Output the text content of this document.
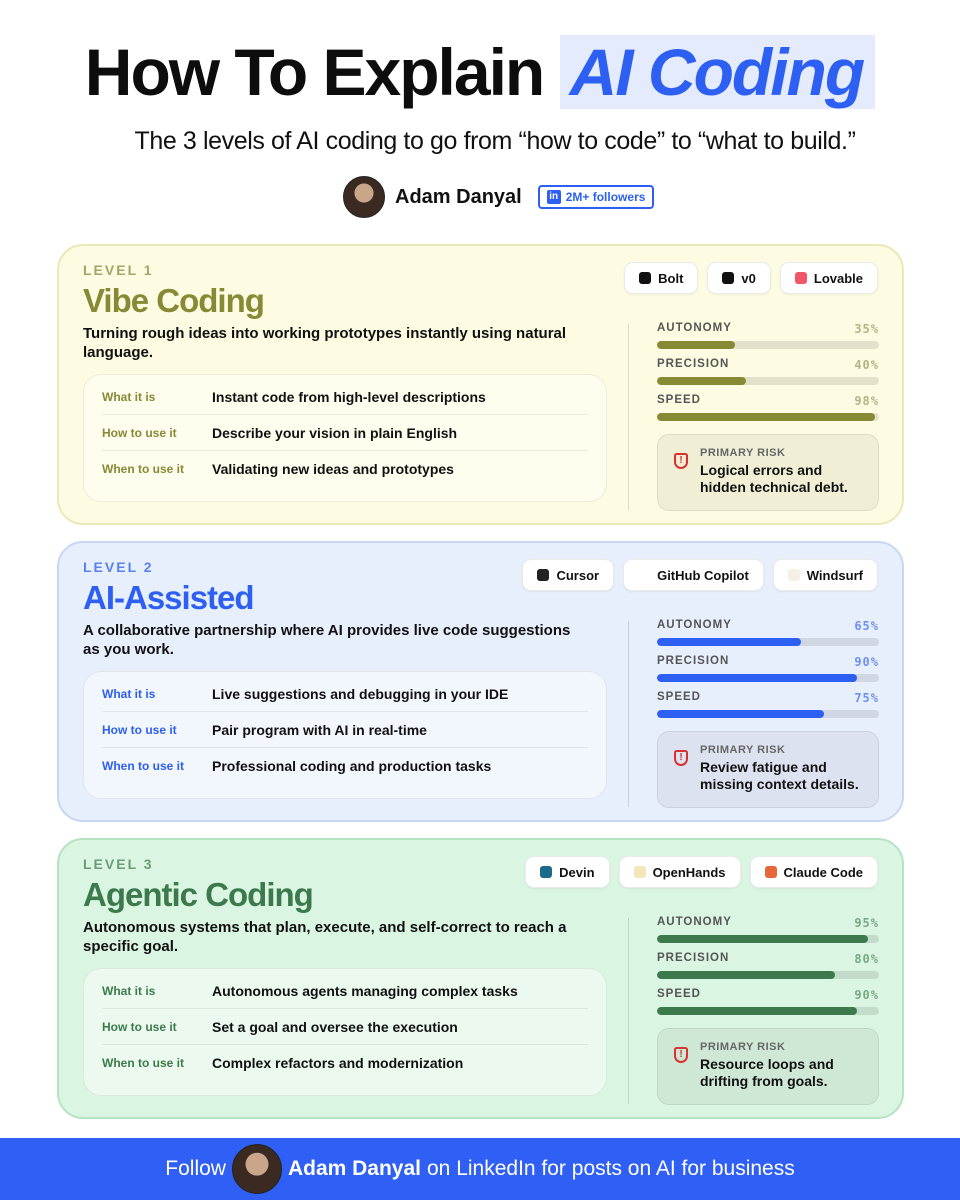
How To Explain AI Coding
The 3 levels of AI coding to go from “how to code” to “what to build.”
Adam Danyal	in 2M+ followers
LEVEL 1
Vibe Coding
Turning rough ideas into working prototypes instantly using natural language.
What it is	Instant code from high-level descriptions
How to use it	Describe your vision in plain English
When to use it	Validating new ideas and prototypes
Bolt	v0	Lovable
AUTONOMY	35%
PRECISION	40%
SPEED	98%
!
PRIMARY RISK
Logical errors and hidden technical debt.
LEVEL 2
AI-Assisted
A collaborative partnership where AI provides live code suggestions as you work.
What it is	Live suggestions and debugging in your IDE
How to use it	Pair program with AI in real-time
When to use it	Professional coding and production tasks
Cursor	GitHub Copilot	Windsurf
AUTONOMY	65%
PRECISION	90%
SPEED	75%
!
PRIMARY RISK
Review fatigue and missing context details.
LEVEL 3
Agentic Coding
Autonomous systems that plan, execute, and self-correct to reach a specific goal.
What it is	Autonomous agents managing complex tasks
How to use it	Set a goal and oversee the execution
When to use it	Complex refactors and modernization
Devin	OpenHands	Claude Code
AUTONOMY	95%
PRECISION	80%
SPEED	90%
!
PRIMARY RISK
Resource loops and drifting from goals.
Follow	Adam Danyal on LinkedIn for posts on AI for business
